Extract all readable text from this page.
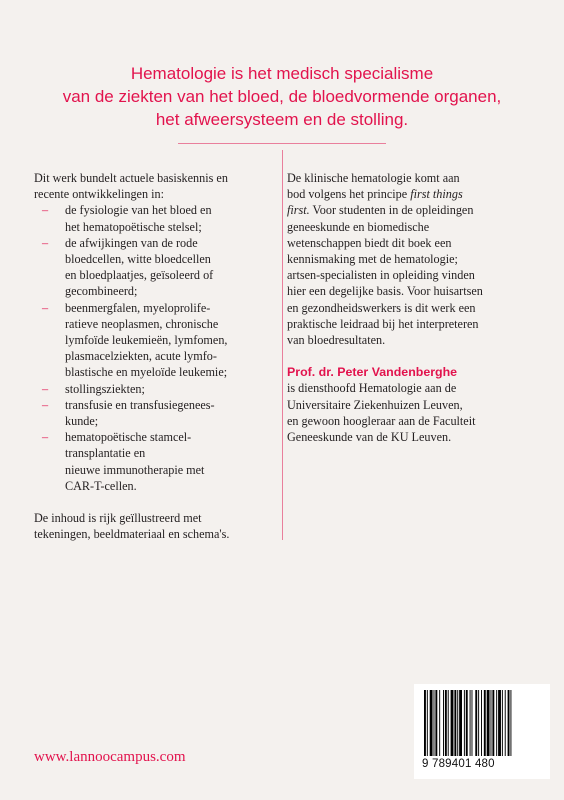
Hematologie is het medisch specialisme
van de ziekten van het bloed, de bloedvormende organen,
het afweersysteem en de stolling.

Dit werk bundelt actuele basiskennis en
recente ontwikkelingen in:

– de fysiologie van het bloed en
het hematopoëtische stelsel;
– de afwijkingen van de rode
bloedcellen, witte bloedcellen
en bloedplaatjes, geïsoleerd of
gecombineerd;
– beenmergfalen, myeloprolife-
ratieve neoplasmen, chronische
lymfoïde leukemieën, lymfomen,
plasmacelziekten, acute lymfo-
blastische en myeloïde leukemie;
– stollingsziekten;
– transfusie en transfusiegenees-
kunde;
– hematopoëtische stamcel-
transplantatie en
nieuwe immunotherapie met
CAR-T-cellen.

De inhoud is rijk geïllustreerd met
tekeningen, beeldmateriaal en schema's.

De klinische hematologie komt aan
bod volgens het principe first things
first. Voor studenten in de opleidingen
geneeskunde en biomedische
wetenschappen biedt dit boek een
kennismaking met de hematologie;
artsen-specialisten in opleiding vinden
hier een degelijke basis. Voor huisartsen
en gezondheidswerkers is dit werk een
praktische leidraad bij het interpreteren
van bloedresultaten.

Prof. dr. Peter Vandenberghe
is diensthoofd Hematologie aan de
Universitaire Ziekenhuizen Leuven,
en gewoon hoogleraar aan de Faculteit
Geneeskunde van de KU Leuven.

www.lannoocampus.com	9 789401 480
